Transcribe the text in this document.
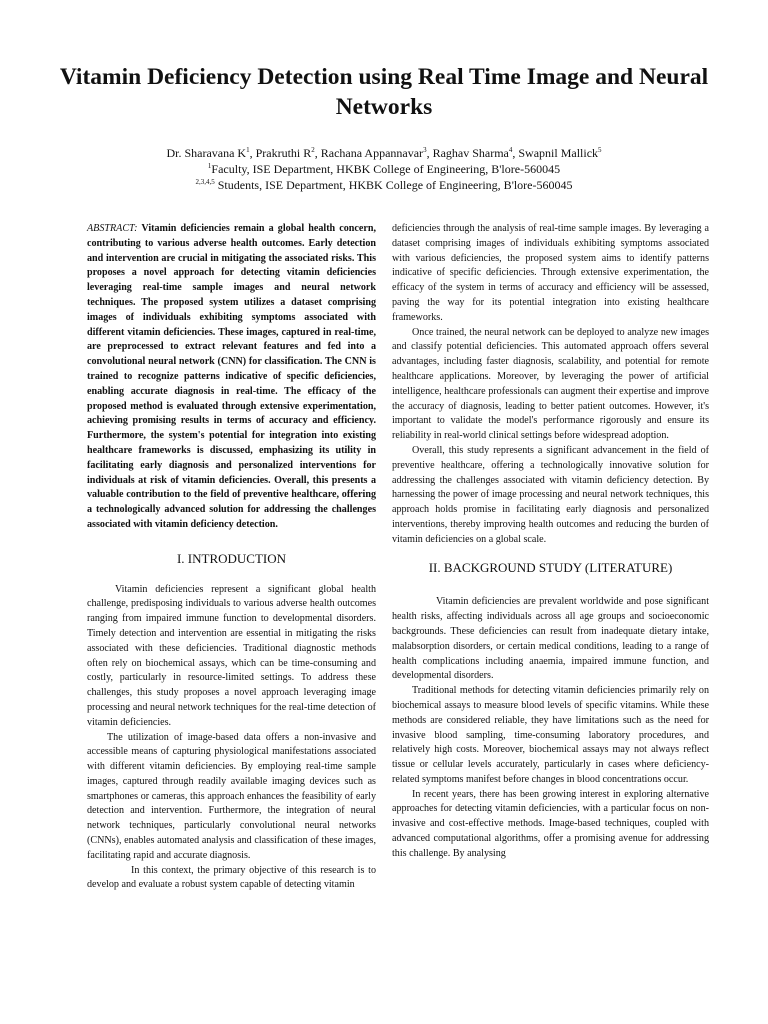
Vitamin Deficiency Detection using Real Time Image and Neural Networks
Dr. Sharavana $K^1$, Prakruthi $R^2$, Rachana Appannavar$^3$, Raghav Sharma$^4$, Swapnil Mallick$^5$
$^1$Faculty, ISE Department, HKBK College of Engineering, B'lore-560045
$^{2,3,4,5}$ Students, ISE Department, HKBK College of Engineering, B'lore-560045

ABSTRACT: Vitamin deficiencies remain a global health concern, contributing to various adverse health outcomes. Early detection and intervention are crucial in mitigating the associated risks. This proposes a novel approach for detecting vitamin deficiencies leveraging real-time sample images and neural network techniques. The proposed system utilizes a dataset comprising images of individuals exhibiting symptoms associated with different vitamin deficiencies. These images, captured in real-time, are preprocessed to extract relevant features and fed into a convolutional neural network (CNN) for classification. The CNN is trained to recognize patterns indicative of specific deficiencies, enabling accurate diagnosis in real-time. The efficacy of the proposed method is evaluated through extensive experimentation, achieving promising results in terms of accuracy and efficiency. Furthermore, the system's potential for integration into existing healthcare frameworks is discussed, emphasizing its utility in facilitating early diagnosis and personalized interventions for individuals at risk of vitamin deficiencies. Overall, this presents a valuable contribution to the field of preventive healthcare, offering a technologically advanced solution for addressing the challenges associated with vitamin deficiency detection.

I. INTRODUCTION

Vitamin deficiencies represent a significant global health challenge, predisposing individuals to various adverse health outcomes ranging from impaired immune function to developmental disorders. Timely detection and intervention are essential in mitigating the risks associated with these deficiencies. Traditional diagnostic methods often rely on biochemical assays, which can be time-consuming and costly, particularly in resource-limited settings. To address these challenges, this study proposes a novel approach leveraging image processing and neural network techniques for the real-time detection of vitamin deficiencies.

The utilization of image-based data offers a non-invasive and accessible means of capturing physiological manifestations associated with different vitamin deficiencies. By employing real-time sample images, captured through readily available imaging devices such as smartphones or cameras, this approach enhances the feasibility of early detection and intervention. Furthermore, the integration of neural network techniques, particularly convolutional neural networks (CNNs), enables automated analysis and classification of these images, facilitating rapid and accurate diagnosis.

In this context, the primary objective of this research is to develop and evaluate a robust system capable of detecting vitamin

deficiencies through the analysis of real-time sample images. By leveraging a dataset comprising images of individuals exhibiting symptoms associated with various deficiencies, the proposed system aims to identify patterns indicative of specific deficiencies. Through extensive experimentation, the efficacy of the system in terms of accuracy and efficiency will be assessed, paving the way for its potential integration into existing healthcare frameworks.

Once trained, the neural network can be deployed to analyze new images and classify potential deficiencies. This automated approach offers several advantages, including faster diagnosis, scalability, and potential for remote healthcare applications. Moreover, by leveraging the power of artificial intelligence, healthcare professionals can augment their expertise and improve the accuracy of diagnosis, leading to better patient outcomes. However, it's important to validate the model's performance rigorously and ensure its reliability in real-world clinical settings before widespread adoption.

Overall, this study represents a significant advancement in the field of preventive healthcare, offering a technologically innovative solution for addressing the challenges associated with vitamin deficiency detection. By harnessing the power of image processing and neural network techniques, this approach holds promise in facilitating early diagnosis and personalized interventions, thereby improving health outcomes and reducing the burden of vitamin deficiencies on a global scale.

II. BACKGROUND STUDY (LITERATURE)

Vitamin deficiencies are prevalent worldwide and pose significant health risks, affecting individuals across all age groups and socioeconomic backgrounds. These deficiencies can result from inadequate dietary intake, malabsorption disorders, or certain medical conditions, leading to a range of health complications including anaemia, impaired immune function, and developmental disorders.

Traditional methods for detecting vitamin deficiencies primarily rely on biochemical assays to measure blood levels of specific vitamins. While these methods are considered reliable, they have limitations such as the need for invasive blood sampling, time-consuming laboratory procedures, and relatively high costs. Moreover, biochemical assays may not always reflect tissue or cellular levels accurately, particularly in cases where deficiency-related symptoms manifest before changes in blood concentrations occur.

In recent years, there has been growing interest in exploring alternative approaches for detecting vitamin deficiencies, with a particular focus on non-invasive and cost-effective methods. Image-based techniques, coupled with advanced computational algorithms, offer a promising avenue for addressing this challenge. By analysing
